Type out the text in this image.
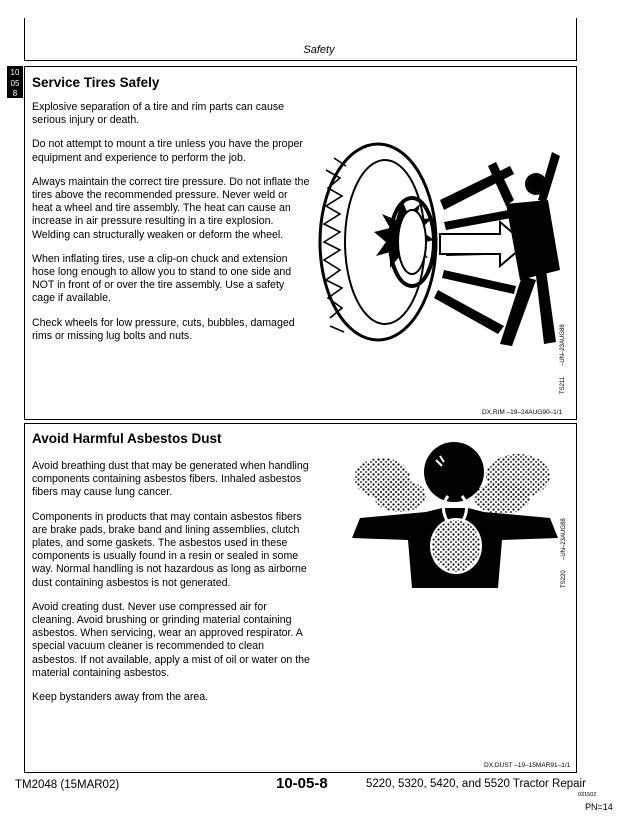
Safety
10
05
8
Service Tires Safely

Explosive separation of a tire and rim parts can cause serious injury or death.

Do not attempt to mount a tire unless you have the proper equipment and experience to perform the job.

Always maintain the correct tire pressure. Do not inflate the tires above the recommended pressure. Never weld or heat a wheel and tire assembly. The heat can cause an increase in air pressure resulting in a tire explosion. Welding can structurally weaken or deform the wheel.

When inflating tires, use a clip-on chuck and extension hose long enough to allow you to stand to one side and NOT in front of or over the tire assembly. Use a safety cage if available.

Check wheels for low pressure, cuts, bubbles, damaged rims or missing lug bolts and nuts.

TS211
–UN–23AUG88
DX,RIM –19–24AUG90–1/1
Avoid Harmful Asbestos Dust

Avoid breathing dust that may be generated when handling components containing asbestos fibers. Inhaled asbestos fibers may cause lung cancer.

Components in products that may contain asbestos fibers are brake pads, brake band and lining assemblies, clutch plates, and some gaskets. The asbestos used in these components is usually found in a resin or sealed in some way. Normal handling is not hazardous as long as airborne dust containing asbestos is not generated.

Avoid creating dust. Never use compressed air for cleaning. Avoid brushing or grinding material containing asbestos. When servicing, wear an approved respirator. A special vacuum cleaner is recommended to clean asbestos. If not available, apply a mist of oil or water on the material containing asbestos.

Keep bystanders away from the area.

TS220
–UN–23AUG88
DX,DUST –19–15MAR91–1/1
TM2048 (15MAR02)	10-05-8	5220, 5320, 5420, and 5520 Tractor Repair
031502
PN=14
